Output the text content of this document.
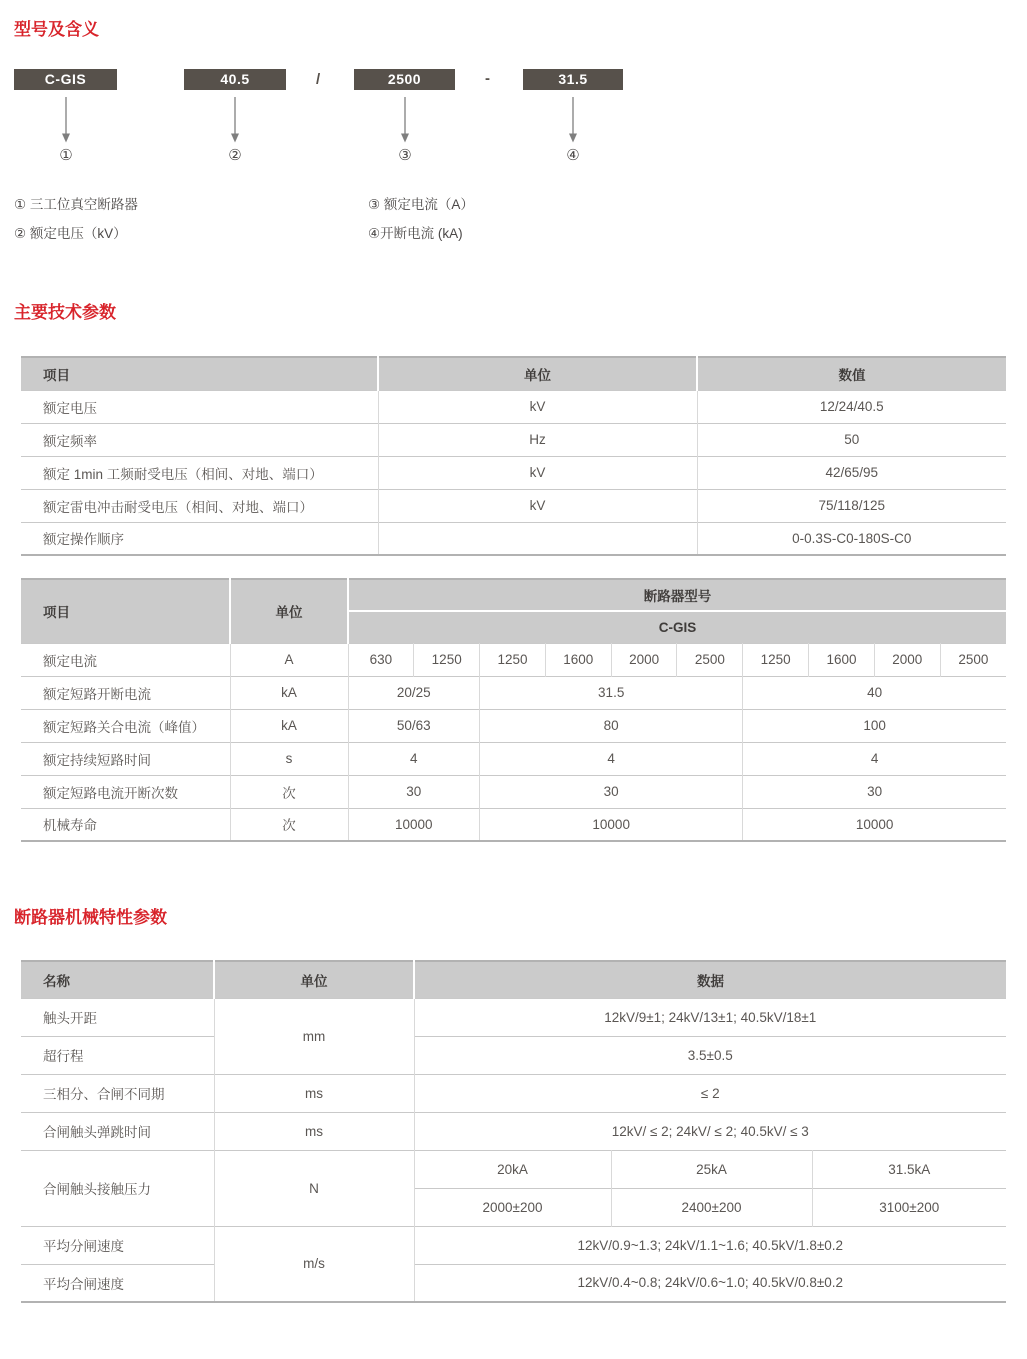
型号及含义
C-GIS	40.5	/	2500	-	31.5
①	②	③	④
① 三工位真空断路器
② 额定电压（kV）
③ 额定电流（A）
④开断电流 (kA)
主要技术参数
项目	单位	数值
额定电压	kV	12/24/40.5
额定频率	Hz	50
额定 1min 工频耐受电压（相间、对地、端口）	kV	42/65/95
额定雷电冲击耐受电压（相间、对地、端口）	kV	75/118/125
额定操作顺序		0-0.3S-C0-180S-C0
项目	单位	断路器型号									
		C-GIS									
额定电流	A	630	1250	1250	1600	2000	2500	1250	1600	2000	2500
额定短路开断电流	kA	20/25		31.5				40			
额定短路关合电流（峰值）	kA	50/63		80				100			
额定持续短路时间	s	4		4				4			
额定短路电流开断次数	次	30		30				30			
机械寿命	次	10000		10000				10000			
断路器机械特性参数
名称	单位	数据		
触头开距	mm	12kV/9±1; 24kV/13±1; 40.5kV/18±1		
超行程		3.5±0.5		
三相分、合闸不同期	ms	≤ 2		
合闸触头弹跳时间	ms	12kV/ ≤ 2; 24kV/ ≤ 2; 40.5kV/ ≤ 3		
合闸触头接触压力	N	20kA	25kA	31.5kA
		2000±200	2400±200	3100±200
平均分闸速度	m/s	12kV/0.9~1.3; 24kV/1.1~1.6; 40.5kV/1.8±0.2		
平均合闸速度		12kV/0.4~0.8; 24kV/0.6~1.0; 40.5kV/0.8±0.2		
